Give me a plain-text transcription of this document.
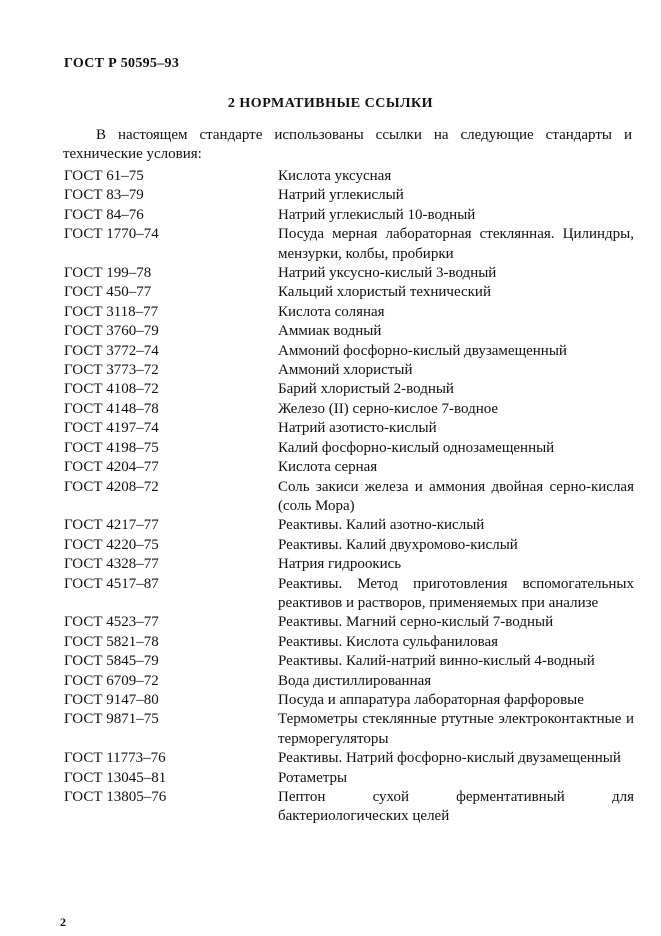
ГОСТ Р 50595–93
2 НОРМАТИВНЫЕ ССЫЛКИ
В настоящем стандарте использованы ссылки на следующие стандарты и технические условия:
ГОСТ 61–75	Кислота уксусная
ГОСТ 83–79	Натрий углекислый
ГОСТ 84–76	Натрий углекислый 10-водный
ГОСТ 1770–74	Посуда мерная лабораторная стеклянная. Цилиндры, мензурки, колбы, пробирки
ГОСТ 199–78	Натрий уксусно-кислый 3-водный
ГОСТ 450–77	Кальций хлористый технический
ГОСТ 3118–77	Кислота соляная
ГОСТ 3760–79	Аммиак водный
ГОСТ 3772–74	Аммоний фосфорно-кислый двузамещенный
ГОСТ 3773–72	Аммоний хлористый
ГОСТ 4108–72	Барий хлористый 2-водный
ГОСТ 4148–78	Железо (II) серно-кислое 7-водное
ГОСТ 4197–74	Натрий азотисто-кислый
ГОСТ 4198–75	Калий фосфорно-кислый однозамещенный
ГОСТ 4204–77	Кислота серная
ГОСТ 4208–72	Соль закиси железа и аммония двойная серно-кислая (соль Мора)
ГОСТ 4217–77	Реактивы. Калий азотно-кислый
ГОСТ 4220–75	Реактивы. Калий двухромово-кислый
ГОСТ 4328–77	Натрия гидроокись
ГОСТ 4517–87	Реактивы. Метод приготовления вспомогательных реактивов и растворов, применяемых при анализе
ГОСТ 4523–77	Реактивы. Магний серно-кислый 7-водный
ГОСТ 5821–78	Реактивы. Кислота сульфаниловая
ГОСТ 5845–79	Реактивы. Калий-натрий винно-кислый 4-водный
ГОСТ 6709–72	Вода дистиллированная
ГОСТ 9147–80	Посуда и аппаратура лабораторная фарфоровые
ГОСТ 9871–75	Термометры стеклянные ртутные электроконтактные и терморегуляторы
ГОСТ 11773–76	Реактивы. Натрий фосфорно-кислый двузамещенный
ГОСТ 13045–81	Ротаметры
ГОСТ 13805–76	Пептон сухой ферментативный для бактериологических целей
2
